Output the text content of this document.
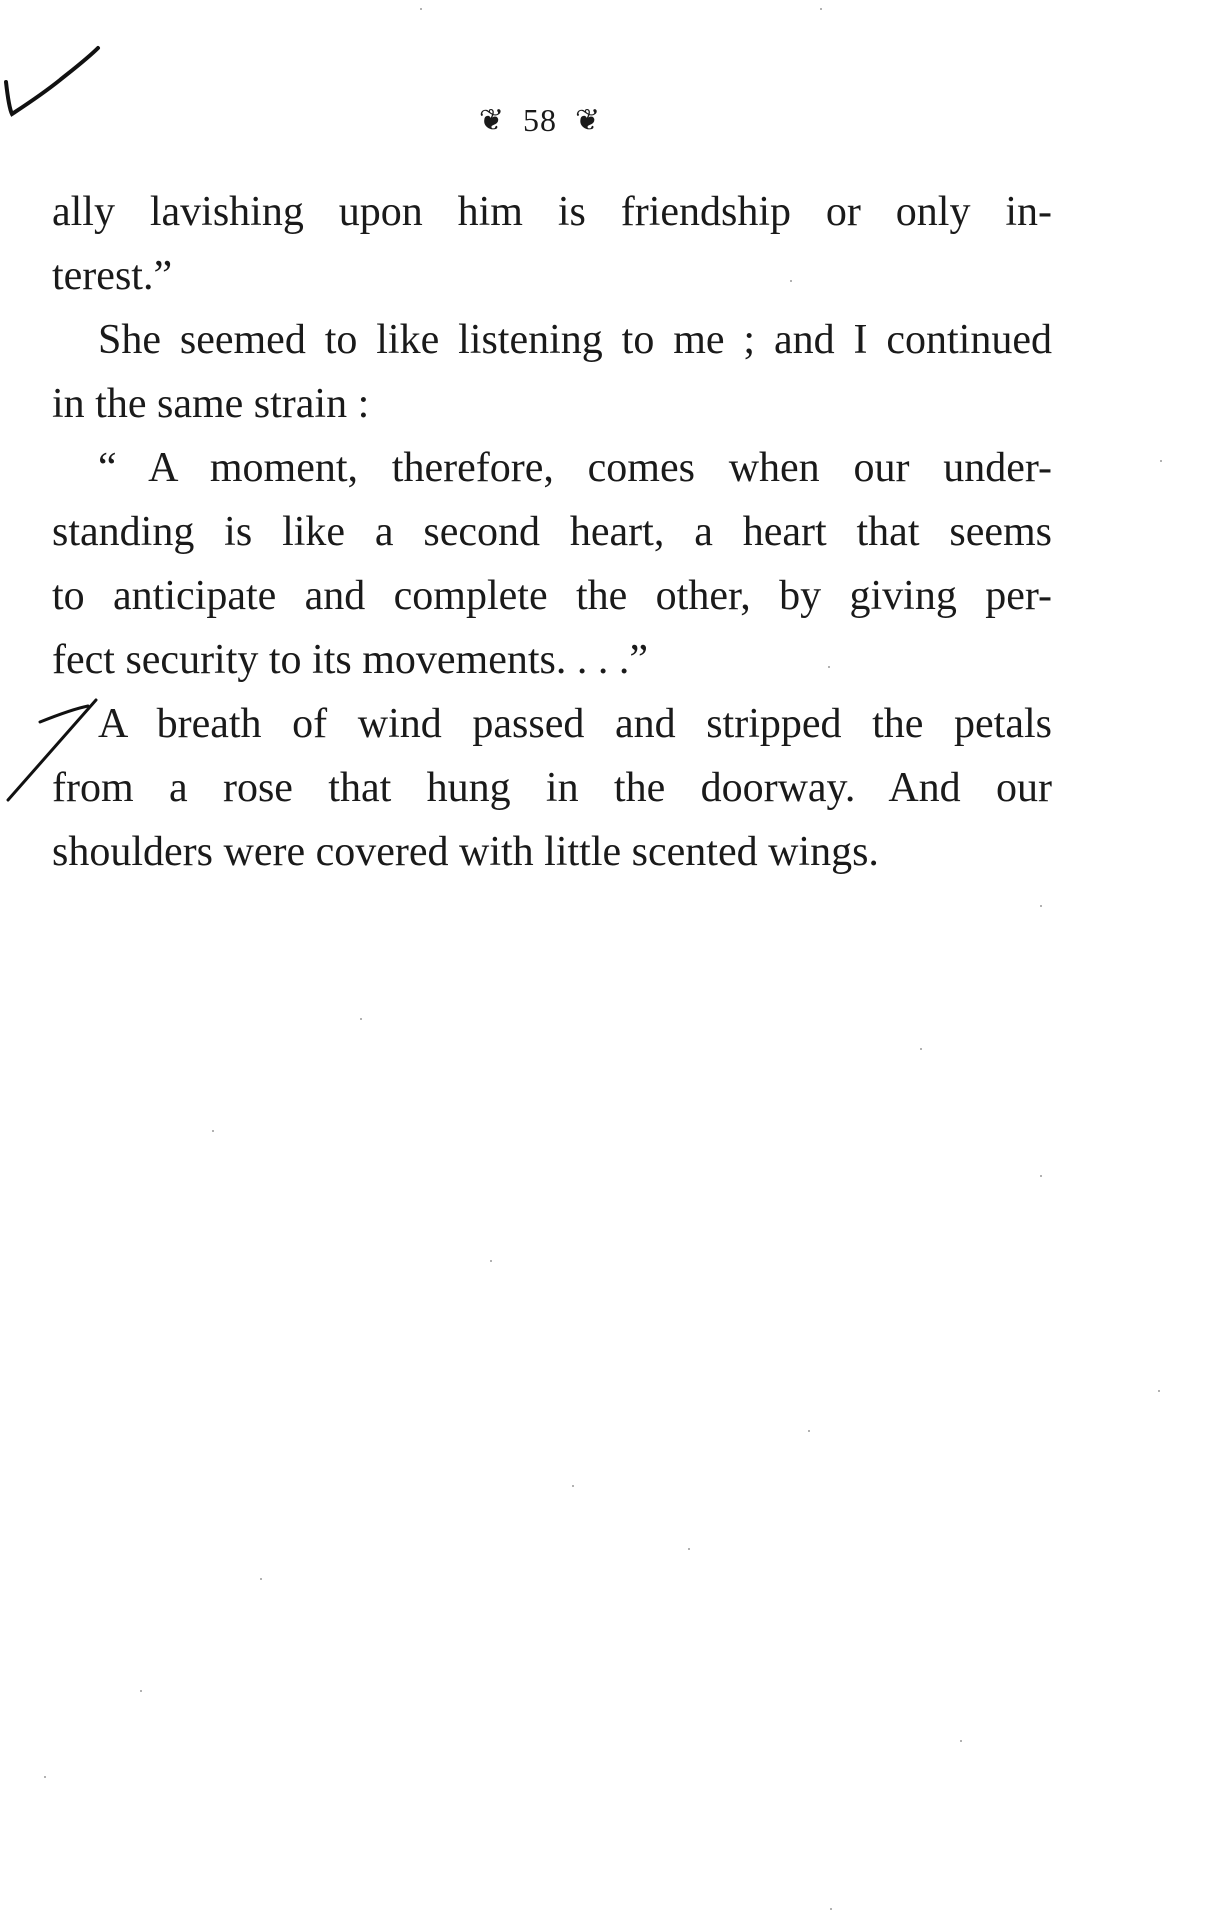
❦ 58 ❦
ally lavishing upon him is friendship or only in-
terest.”
She seemed to like listening to me ; and I continued
in the same strain :
“ A moment, therefore, comes when our under-
standing is like a second heart, a heart that seems
to anticipate and complete the other, by giving per-
fect security to its movements. . . .”
A breath of wind passed and stripped the petals
from a rose that hung in the doorway. And our
shoulders were covered with little scented wings.
